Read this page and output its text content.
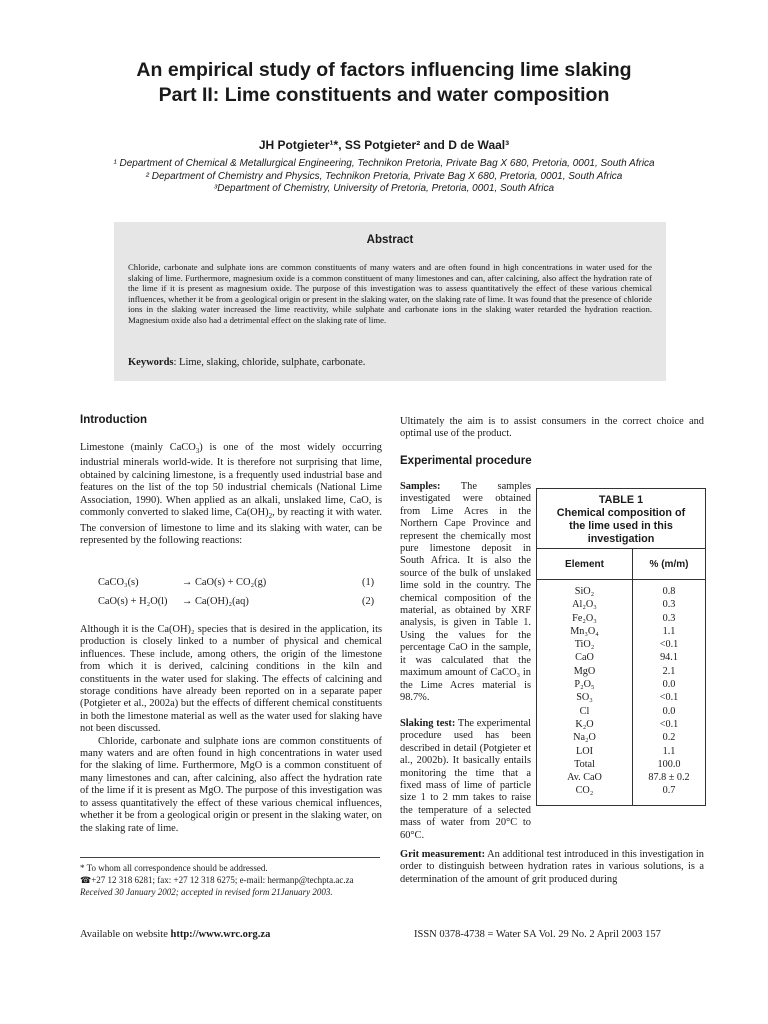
An empirical study of factors influencing lime slaking
Part II: Lime constituents and water composition
JH Potgieter¹*, SS Potgieter² and D de Waal³
¹ Department of Chemical & Metallurgical Engineering, Technikon Pretoria, Private Bag X 680, Pretoria, 0001, South Africa
² Department of Chemistry and Physics, Technikon Pretoria, Private Bag X 680, Pretoria, 0001, South Africa
³Department of Chemistry, University of Pretoria, Pretoria, 0001, South Africa
Abstract
Chloride, carbonate and sulphate ions are common constituents of many waters and are often found in high concentrations in water used for the slaking of lime. Furthermore, magnesium oxide is a common constituent of many limestones and can, after calcining, also affect the hydration rate of the lime if it is present as magnesium oxide. The purpose of this investigation was to assess quantitatively the effect of these various chemical influences, whether it be from a geological origin or present in the slaking water, on the slaking rate of lime. It was found that the presence of chloride ions in the slaking water increased the lime reactivity, while sulphate and carbonate ions in the slaking water retarded the hydration reaction. Magnesium oxide also had a detrimental effect on the slaking rate of lime.
Keywords: Lime, slaking, chloride, sulphate, carbonate.
Introduction

Limestone (mainly CaCO$_3$) is one of the most widely occurring industrial minerals world-wide. It is therefore not surprising that lime, obtained by calcining limestone, is a frequently used industrial base and features on the list of the top 50 industrial chemicals (National Lime Association, 1990). When applied as an alkali, unslaked lime, CaO, is commonly converted to slaked lime, $Ca(OH)_2$, by reacting it with water. The conversion of limestone to lime and its slaking with water, can be represented by the following reactions:

CaCO₃(s)	→ CaO(s) + CO₂(g)	(1)
CaO(s) + H₂O(l) → Ca(OH)₂(aq)	(2)

Although it is the Ca(OH)₂ species that is desired in the application, its production is closely linked to a number of physical and chemical influences. These include, among others, the origin of the limestone from which it is derived, calcining conditions in the kiln and constituents in the water used for slaking. The effects of calcining and storage conditions have already been reported on in a separate paper (Potgieter et al., 2002a) but the effects of different chemical constituents in both the limestone material as well as the water used for slaking have not been discussed.

Chloride, carbonate and sulphate ions are common constituents of many waters and are often found in high concentrations in water used for the slaking of lime. Furthermore, MgO is a common constituent of many limestones and can, after calcining, also affect the hydration rate of the lime if it is present as MgO. The purpose of this investigation was to assess quantitatively the effect of these various chemical influences, whether it be from a geological origin or present in the slaking water, on the slaking rate of lime.

* To whom all correspondence should be addressed.
☎+27 12 318 6281; fax: +27 12 318 6275; e-mail: hermanp@techpta.ac.za
Received 30 January 2002; accepted in revised form 21January 2003.
Ultimately the aim is to assist consumers in the correct choice and optimal use of the product.
Experimental procedure

Samples: The samples investigated were obtained from Lime Acres in the Northern Cape Province and represent the chemically most pure limestone deposit in South Africa. It is also the source of the bulk of unslaked lime sold in the country. The chemical composition of the material, as obtained by XRF analysis, is given in Table 1. Using the values for the percentage CaO in the sample, it was calculated that the maximum amount of CaCO₃ in the Lime Acres material is 98.7%.

Slaking test: The experimental procedure used has been described in detail (Potgieter et al., 2002b). It basically entails monitoring the time that a fixed mass of lime of particle size 1 to 2 mm takes to raise the temperature of a selected mass of water from 20°C to 60°C.

Grit measurement: An additional test introduced in this investigation in order to distinguish between hydration rates in various solutions, is a determination of the amount of grit produced during

TABLE 1
Chemical composition of
the lime used in this
investigation
Element	% (m/m)
SiO₂	0.8
Al₂O₃	0.3
Fe₂O₃	0.3
Mn₃O₄	1.1
TiO₂	<0.1
CaO	94.1
MgO	2.1
P₂O₅	0.0
SO₃	<0.1
Cl	0.0
K₂O	<0.1
Na₂O	0.2
LOI	1.1
Total	100.0
Av. CaO	87.8 ± 0.2
CO₂	0.7
Available on website http://www.wrc.org.za	ISSN 0378-4738 = Water SA Vol. 29 No. 2 April 2003 157
